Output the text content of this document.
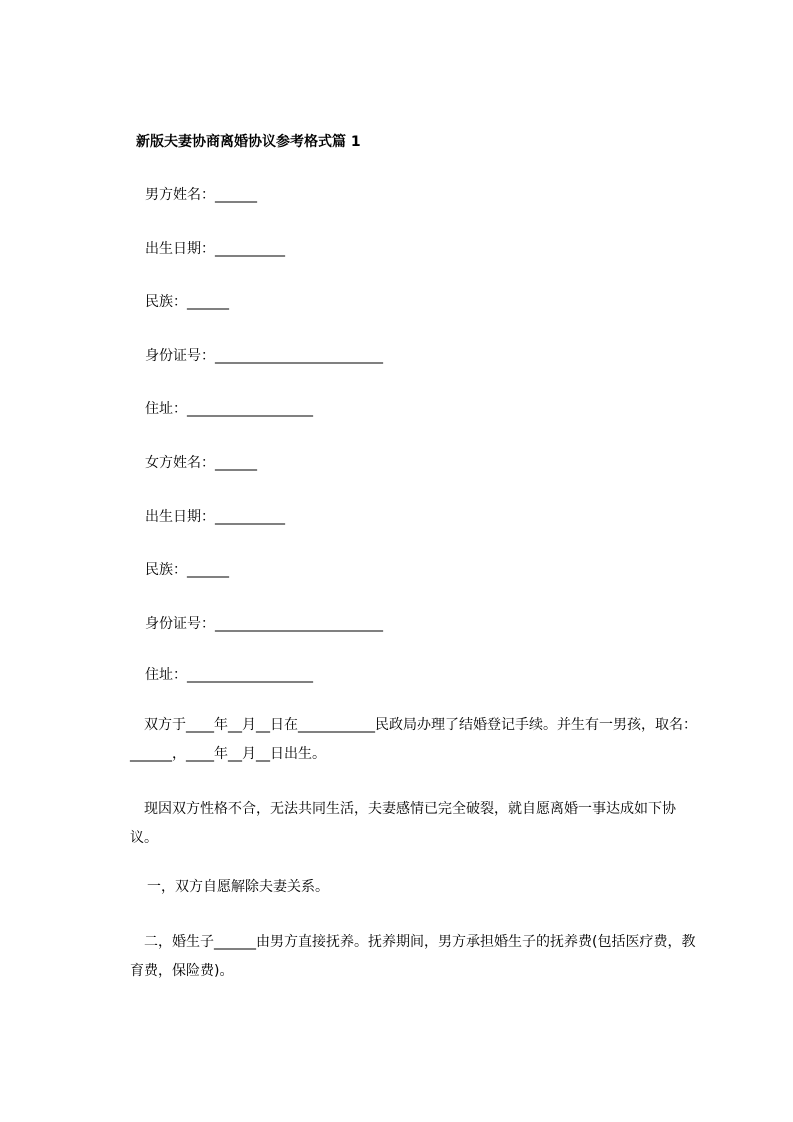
新版夫妻协商离婚协议参考格式篇 1
男方姓名：______
出生日期：__________
民族：______
身份证号：________________________
住址：__________________
女方姓名：______
出生日期：__________
民族：______
身份证号：________________________
住址：__________________
　双方于____年__月__日在___________民政局办理了结婚登记手续。并生有一男孩，取名：______，____年__月__日出生。
　现因双方性格不合，无法共同生活，夫妻感情已完全破裂，就自愿离婚一事达成如下协议。
一，双方自愿解除夫妻关系。
　二，婚生子______由男方直接抚养。抚养期间，男方承担婚生子的抚养费(包括医疗费，教育费，保险费)。
